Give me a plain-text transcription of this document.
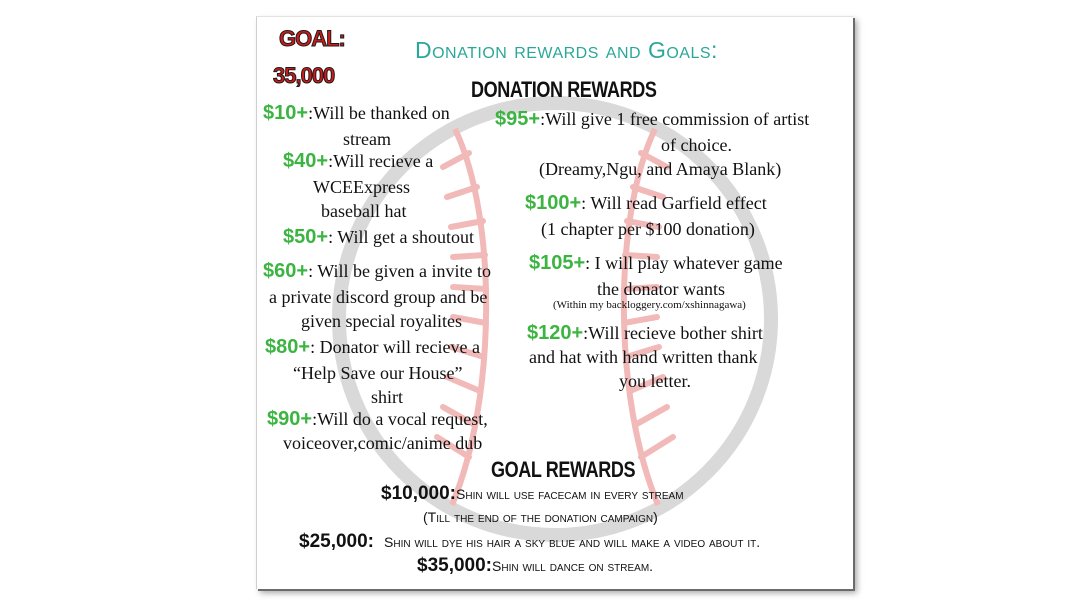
GOAL:
35,000
Donation rewards and Goals:
DONATION REWARDS
$10+:Will be thanked on
stream
$40+:Will recieve a
WCEExpress
baseball hat
$50+: Will get a shoutout
$60+: Will be given a invite to
a private discord group and be
given special royalites
$80+: Donator will recieve a
“Help Save our House”
shirt
$90+:Will do a vocal request,
voiceover,comic/anime dub
$95+:Will give 1 free commission of artist
of choice.
(Dreamy,Ngu, and Amaya Blank)
$100+: Will read Garfield effect
(1 chapter per $100 donation)
$105+: I will play whatever game
the donator wants
(Within my backloggery.com/xshinnagawa)
$120+:Will recieve bother shirt
and hat with hand written thank
you letter.
GOAL REWARDS
$10,000:Shin will use facecam in every stream
(Till the end of the donation campaign)
$25,000: Shin will dye his hair a sky blue and will make a video about it.
$35,000:Shin will dance on stream.
